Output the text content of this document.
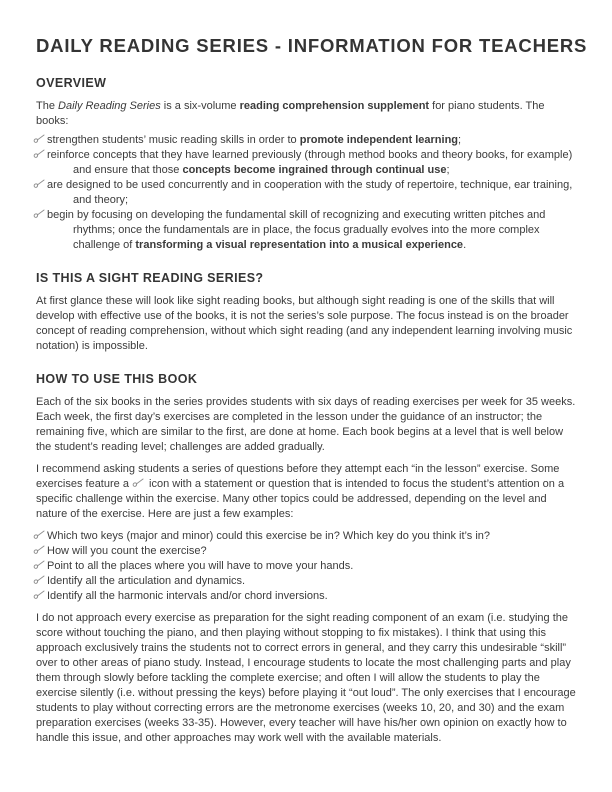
DAILY READING SERIES - INFORMATION FOR TEACHERS
OVERVIEW

The Daily Reading Series is a six-volume reading comprehension supplement for piano students. The books:

strengthen students’ music reading skills in order to promote independent learning;
reinforce concepts that they have learned previously (through method books and theory books, for example) and ensure that those concepts become ingrained through continual use;
are designed to be used concurrently and in cooperation with the study of repertoire, technique, ear training, and theory;
begin by focusing on developing the fundamental skill of recognizing and executing written pitches and rhythms; once the fundamentals are in place, the focus gradually evolves into the more complex challenge of transforming a visual representation into a musical experience.
IS THIS A SIGHT READING SERIES?

At first glance these will look like sight reading books, but although sight reading is one of the skills that will develop with effective use of the books, it is not the series’s sole purpose. The focus instead is on the broader concept of reading comprehension, without which sight reading (and any independent learning involving music notation) is impossible.

HOW TO USE THIS BOOK

Each of the six books in the series provides students with six days of reading exercises per week for 35 weeks. Each week, the first day’s exercises are completed in the lesson under the guidance of an instructor; the remaining five, which are similar to the first, are done at home. Each book begins at a level that is well below the student’s reading level; challenges are added gradually.

I recommend asking students a series of questions before they attempt each “in the lesson” exercise. Some exercises feature a  icon with a statement or question that is intended to focus the student’s attention on a specific challenge within the exercise. Many other topics could be addressed, depending on the level and nature of the exercise. Here are just a few examples:

Which two keys (major and minor) could this exercise be in? Which key do you think it’s in?
How will you count the exercise?
Point to all the places where you will have to move your hands.
Identify all the articulation and dynamics.
Identify all the harmonic intervals and/or chord inversions.

I do not approach every exercise as preparation for the sight reading component of an exam (i.e. studying the score without touching the piano, and then playing without stopping to fix mistakes). I think that using this approach exclusively trains the students not to correct errors in general, and they carry this undesirable “skill” over to other areas of piano study. Instead, I encourage students to locate the most challenging parts and play them through slowly before tackling the complete exercise; and often I will allow the students to play the exercise silently (i.e. without pressing the keys) before playing it “out loud”. The only exercises that I encourage students to play without correcting errors are the metronome exercises (weeks 10, 20, and 30) and the exam preparation exercises (weeks 33-35). However, every teacher will have his/her own opinion on exactly how to handle this issue, and other approaches may work well with the available materials.
